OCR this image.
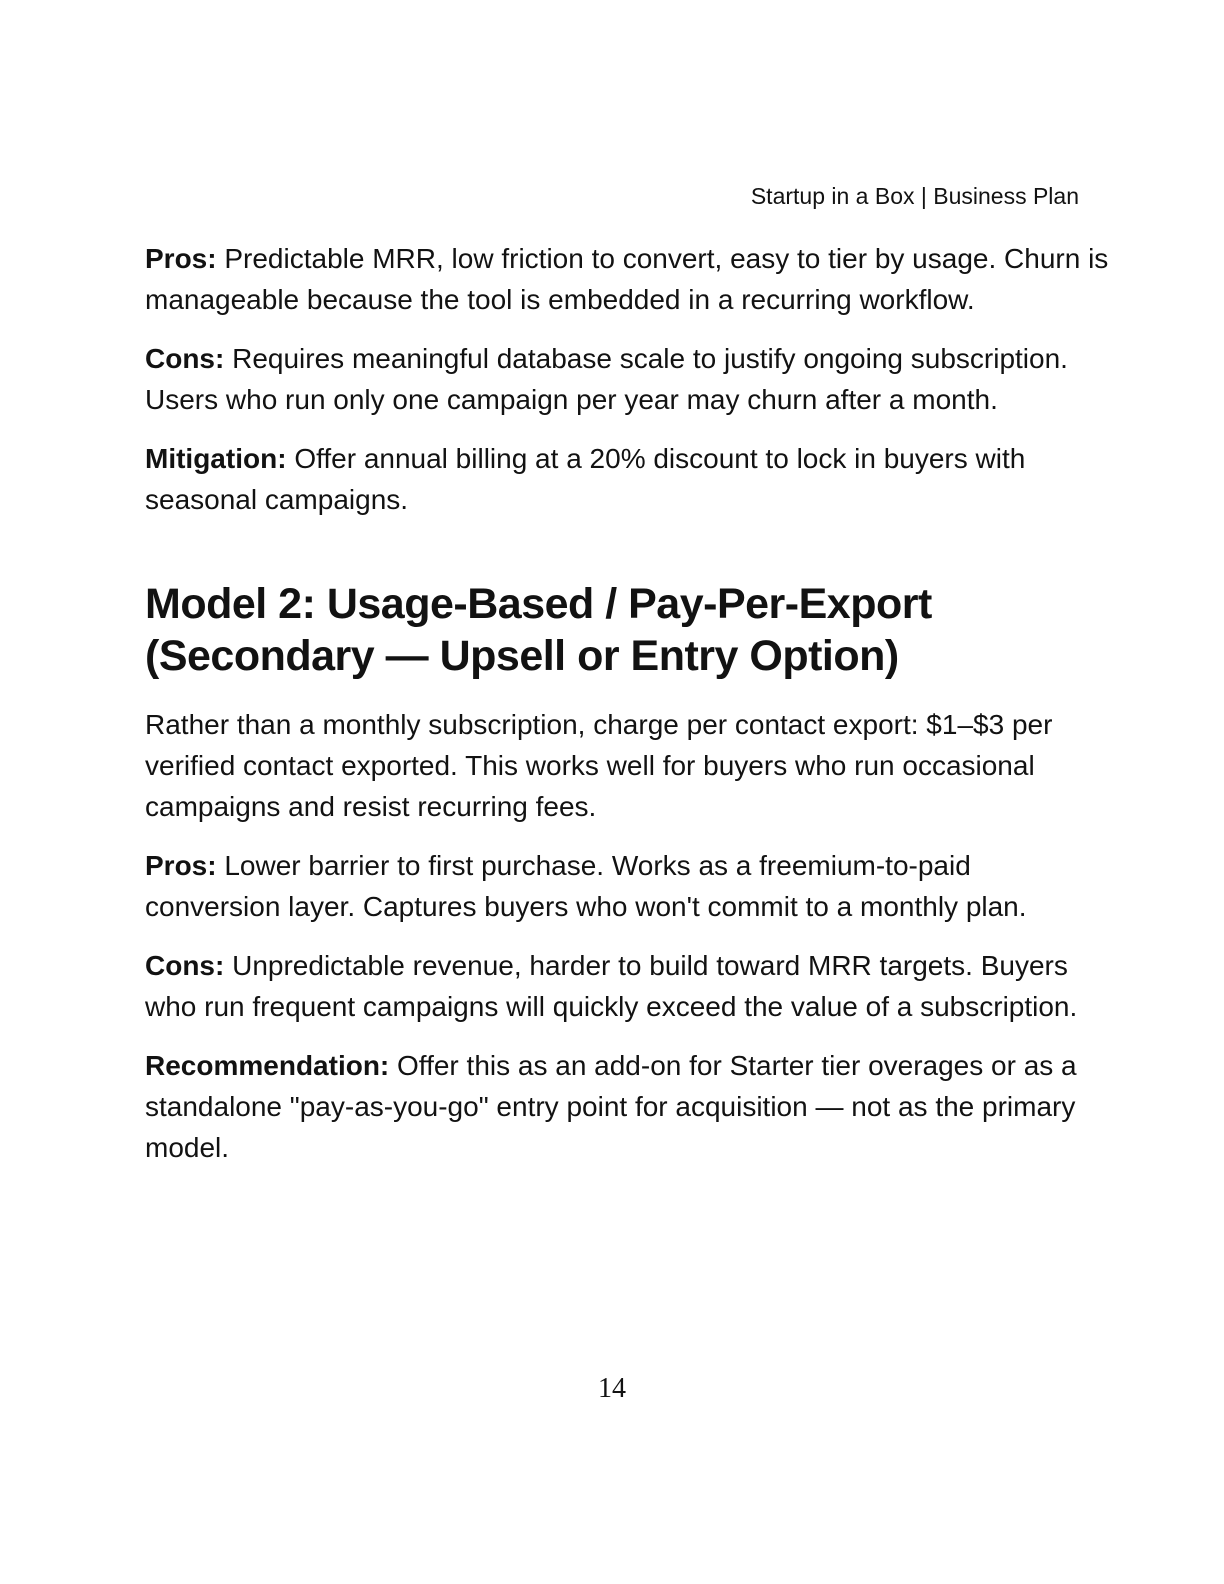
Startup in a Box | Business Plan
Pros: Predictable MRR, low friction to convert, easy to tier by usage. Churn is
manageable because the tool is embedded in a recurring workflow.
Cons: Requires meaningful database scale to justify ongoing subscription.
Users who run only one campaign per year may churn after a month.
Mitigation: Offer annual billing at a 20% discount to lock in buyers with
seasonal campaigns.
Model 2: Usage-Based / Pay-Per-Export
(Secondary — Upsell or Entry Option)
Rather than a monthly subscription, charge per contact export: $1–$3 per
verified contact exported. This works well for buyers who run occasional
campaigns and resist recurring fees.
Pros: Lower barrier to first purchase. Works as a freemium-to-paid
conversion layer. Captures buyers who won't commit to a monthly plan.
Cons: Unpredictable revenue, harder to build toward MRR targets. Buyers
who run frequent campaigns will quickly exceed the value of a subscription.
Recommendation: Offer this as an add-on for Starter tier overages or as a
standalone "pay-as-you-go" entry point for acquisition — not as the primary
model.
14
